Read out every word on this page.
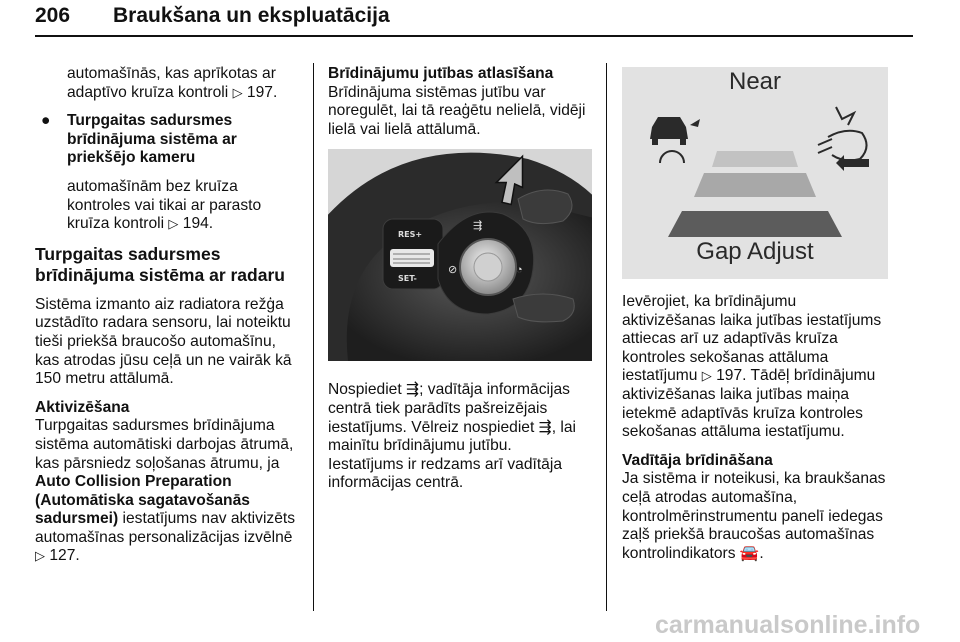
206 Braukšana un ekspluatācija

automašīnās, kas aprīkotas ar adaptīvo kruīza kontroli ▷ 197.

● Turpgaitas sadursmes brīdinājuma sistēma ar priekšējo kameru

automašīnām bez kruīza kontroles vai tikai ar parasto kruīza kontroli ▷ 194.

Turpgaitas sadursmes brīdinājuma sistēma ar radaru

Sistēma izmanto aiz radiatora režģa uzstādīto radara sensoru, lai noteiktu tieši priekšā braucošo automašīnu, kas atrodas jūsu ceļā un ne vairāk kā 150 metru attālumā.

Aktivizēšana

Turpgaitas sadursmes brīdinājuma sistēma automātiski darbojas ātrumā, kas pārsniedz soļošanas ātrumu, ja Auto Collision Preparation (Automātiska sagatavošanās sadursmei) iestatījums nav aktivizēts automašīnas personalizācijas izvēlnē ▷ 127.

Brīdinājumu jutības atlasīšana

Brīdinājuma sistēmas jutību var noregulēt, lai tā reaģētu nelielā, vidēji lielā vai lielā attālumā.

RES+
SET-
⇶
⊘	◔

Nospiediet ⇶; vadītāja informācijas centrā tiek parādīts pašreizējais iestatījums. Vēlreiz nospiediet ⇶, lai mainītu brīdinājumu jutību.
Iestatījums ir redzams arī vadītāja informācijas centrā.

Near
Gap Adjust

Ievērojiet, ka brīdinājumu aktivizēšanas laika jutības iestatījums attiecas arī uz adaptīvās kruīza kontroles sekošanas attāluma iestatījumu ▷ 197. Tādēļ brīdinājumu aktivizēšanas laika jutības maiņa ietekmē adaptīvās kruīza kontroles sekošanas attāluma iestatījumu.

Vadītāja brīdināšana

Ja sistēma ir noteikusi, ka braukšanas ceļā atrodas automašīna, kontrolmērinstrumentu panelī iedegas zaļš priekšā braucošas automašīnas kontrolindikators 🚘.

carmanualsonline.info
